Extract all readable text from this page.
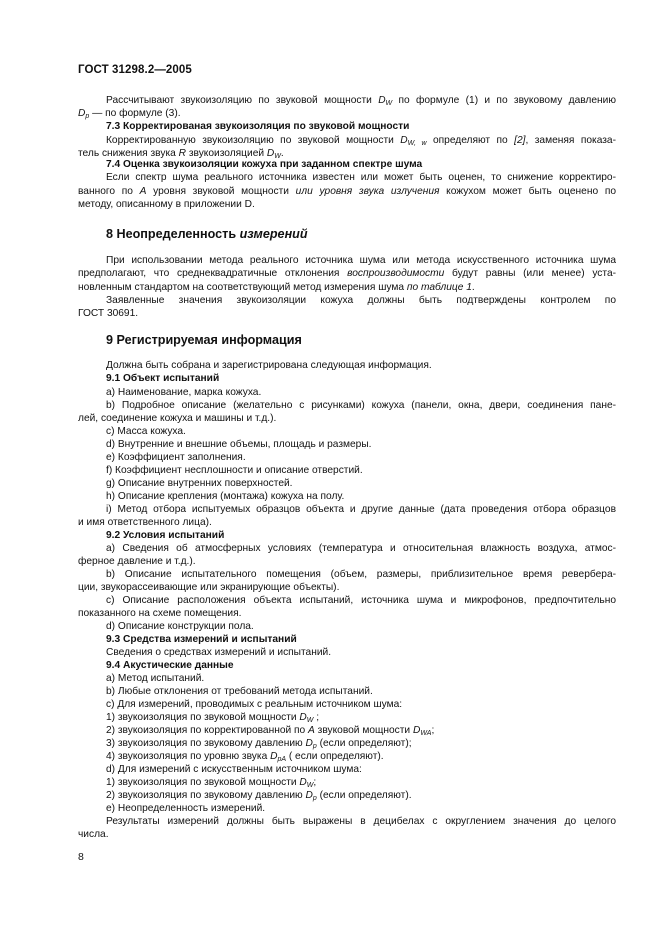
ГОСТ 31298.2—2005
Рассчитывают звукоизоляцию по звуковой мощности $D_W$ по формуле (1) и по звуковому давлению
$D_p$ — по формуле (3).
7.3 Корректированая звукоизоляция по звуковой мощности
Корректированную звукоизоляцию по звуковой мощности $D_{W, w}$ определяют по [2], заменяя показа-
тель снижения звука R звукоизоляцией $D_W$.
7.4 Оценка звукоизоляции кожуха при заданном спектре шума
Если спектр шума реального источника известен или может быть оценен, то снижение корректиро-
ванного по A уровня звуковой мощности или уровня звука излучения кожухом может быть оценено по
методу, описанному в приложении D.
8 Неопределенность измерений
При использовании метода реального источника шума или метода искусственного источника шума
предполагают, что среднеквадратичные отклонения воспроизводимости будут равны (или менее) уста-
новленным стандартом на соответствующий метод измерения шума по таблице 1.
Заявленные значения звукоизоляции кожуха должны быть подтверждены контролем по
ГОСТ 30691.
9 Регистрируемая информация
Должна быть собрана и зарегистрирована следующая информация.
9.1 Объект испытаний
а) Наименование, марка кожуха.
b) Подробное описание (желательно с рисунками) кожуха (панели, окна, двери, соединения пане-
лей, соединение кожуха и машины и т.д.).
с) Масса кожуха.
d) Внутренние и внешние объемы, площадь и размеры.
е) Коэффициент заполнения.
f) Коэффициент несплошности и описание отверстий.
g) Описание внутренних поверхностей.
h) Описание крепления (монтажа) кожуха на полу.
i) Метод отбора испытуемых образцов объекта и другие данные (дата проведения отбора образцов
и имя ответственного лица).
9.2 Условия испытаний
а) Сведения об атмосферных условиях (температура и относительная влажность воздуха, атмос-
ферное давление и т.д.).
b) Описание испытательного помещения (объем, размеры, приблизительное время ревербера-
ции, звукорассеивающие или экранирующие объекты).
с) Описание расположения объекта испытаний, источника шума и микрофонов, предпочтительно
показанного на схеме помещения.
d) Описание конструкции пола.
9.3 Средства измерений и испытаний
Сведения о средствах измерений и испытаний.
9.4 Акустические данные
а) Метод испытаний.
b) Любые отклонения от требований метода испытаний.
с) Для измерений, проводимых с реальным источником шума:
1) звукоизоляция по звуковой мощности $D_W$ ;
2) звукоизоляция по корректированной по A звуковой мощности $D_{WA}$;
3) звукоизоляция по звуковому давлению $D_p$ (если определяют);
4) звукоизоляция по уровню звука $D_{pA}$ ( если определяют).
d) Для измерений с искусственным источником шума:
1) звукоизоляция по звуковой мощности $D_W$;
2) звукоизоляция по звуковому давлению $D_p$ (если определяют).
е) Неопределенность измерений.
Результаты измерений должны быть выражены в децибелах с округлением значения до целого
числа.
8
